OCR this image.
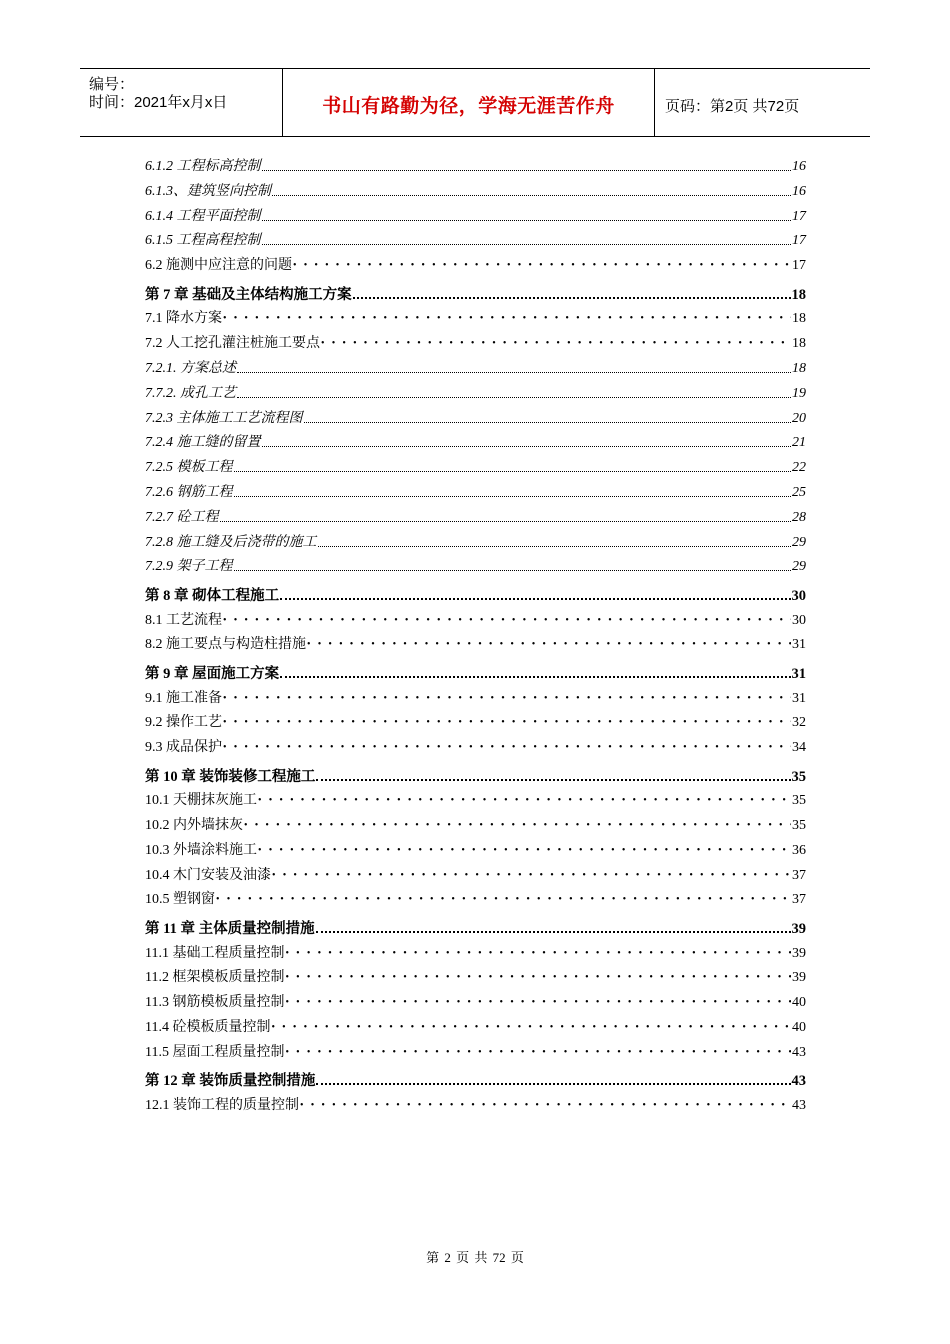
编号：
时间：2021年x月x日	书山有路勤为径，学海无涯苦作舟	页码：第2页 共72页
6.1.2 工程标高控制	16
6.1.3、建筑竖向控制	16
6.1.4 工程平面控制	17
6.1.5 工程高程控制	17
6.2 施测中应注意的问题 • • •	17
第 7 章 基础及主体结构施工方案	18
7.1 降水方案 • • •	18
7.2 人工挖孔灌注桩施工要点 • • •	18
7.2.1. 方案总述	18
7.7.2. 成孔工艺	19
7.2.3 主体施工工艺流程图	20
7.2.4 施工缝的留置	21
7.2.5 模板工程	22
7.2.6 钢筋工程	25
7.2.7 砼工程	28
7.2.8 施工缝及后浇带的施工	29
7.2.9 架子工程	29
第 8 章 砌体工程施工	30
8.1 工艺流程 • • •	30
8.2 施工要点与构造柱措施 • • •	31
第 9 章 屋面施工方案	31
9.1 施工准备 • • •	31
9.2 操作工艺 • • •	32
9.3 成品保护 • • •	34
第 10 章 装饰装修工程施工	35
10.1 天棚抹灰施工 • • •	35
10.2 内外墙抹灰 • • •	35
10.3 外墙涂料施工 • • •	36
10.4 木门安装及油漆 • • •	37
10.5 塑钢窗 • • •	37
第 11 章 主体质量控制措施	39
11.1 基础工程质量控制 • • •	39
11.2 框架模板质量控制 • • •	39
11.3 钢筋模板质量控制 • • •	40
11.4 砼模板质量控制 • • •	40
11.5 屋面工程质量控制 • • •	43
第 12 章 装饰质量控制措施	43
12.1 装饰工程的质量控制 • • •	43
第 2 页 共 72 页
